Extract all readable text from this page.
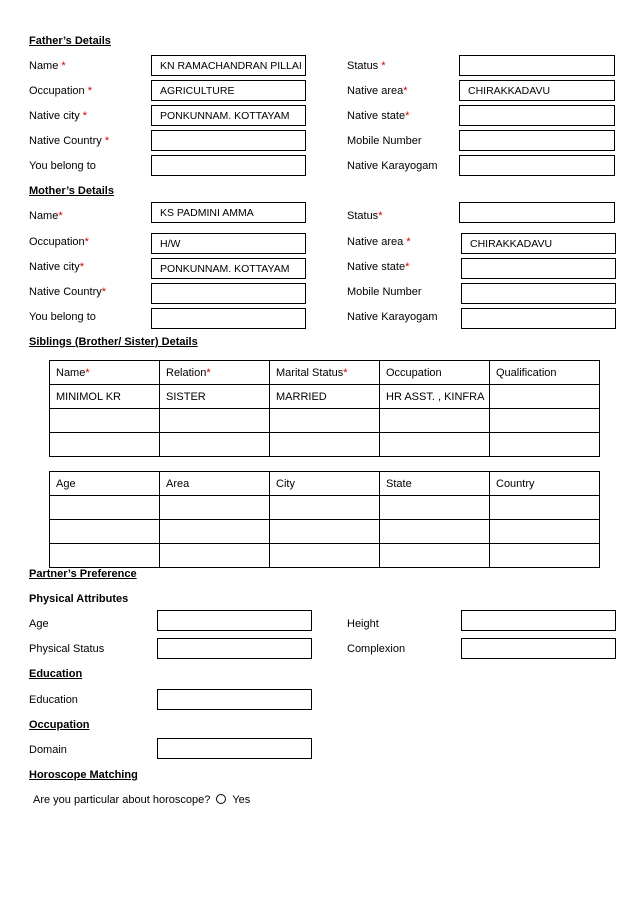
Father’s Details
Name *	KN RAMACHANDRAN PILLAI	Status *
Occupation *	AGRICULTURE	Native area*	CHIRAKKADAVU
Native city *	PONKUNNAM. KOTTAYAM	Native state*
Native Country *	Mobile Number
You belong to	Native Karayogam
Mother’s Details
Name*	KS PADMINI AMMA	Status*
Occupation*	H/W	Native area *	CHIRAKKADAVU
Native city*	PONKUNNAM. KOTTAYAM	Native state*
Native Country*	Mobile Number
You belong to	Native Karayogam
Siblings (Brother/ Sister) Details
Name*	Relation*	Marital Status*	Occupation	Qualification
MINIMOL KR	SISTER	MARRIED	HR ASST. , KINFRA	

Age	Area	City	State	Country

Partner’s Preference
Physical Attributes
Age	Height
Physical Status	Complexion
Education
Education
Occupation
Domain
Horoscope Matching
Are you particular about horoscope? Yes
